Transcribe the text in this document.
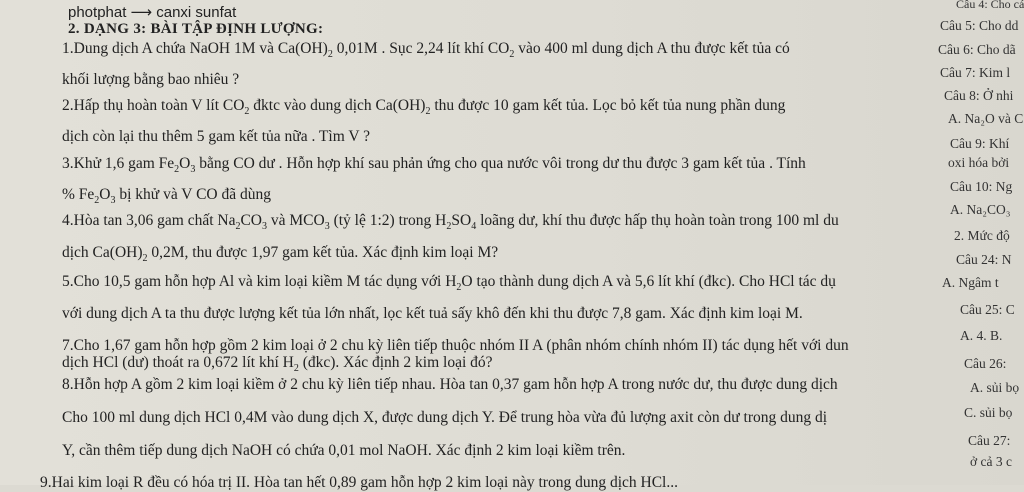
photphat ⟶ canxi sunfat
2. DẠNG 3: BÀI TẬP ĐỊNH LƯỢNG:
1.Dung dịch A chứa NaOH 1M và $Ca(OH)_2$ 0,01M . Sục 2,24 lít khí $CO_2$ vào 400 ml dung dịch A thu được kết tủa có
khối lượng bằng bao nhiêu ?
2.Hấp thụ hoàn toàn V lít $CO_2$ đktc vào dung dịch $Ca(OH)_2$ thu được 10 gam kết tủa. Lọc bỏ kết tủa nung phần dung
dịch còn lại thu thêm 5 gam kết tủa nữa . Tìm V ?
3.Khử 1,6 gam $Fe_2O_3$ bằng CO dư . Hỗn hợp khí sau phản ứng cho qua nước vôi trong dư thu được 3 gam kết tủa . Tính
% $Fe_2O_3$ bị khử và V CO đã dùng
4.Hòa tan 3,06 gam chất $Na_2CO_3$ và $MCO_3$ (tỷ lệ 1:2) trong $H_2SO_4$ loãng dư, khí thu được hấp thụ hoàn toàn trong 100 ml du
dịch $Ca(OH)_2$ 0,2M, thu được 1,97 gam kết tủa. Xác định kim loại M?
5.Cho 10,5 gam hỗn hợp Al và kim loại kiềm M tác dụng với $H_2O$ tạo thành dung dịch A và 5,6 lít khí (đkc). Cho HCl tác dụ
với dung dịch A ta thu được lượng kết tủa lớn nhất, lọc kết tuả sấy khô đến khi thu được 7,8 gam. Xác định kim loại M.
7.Cho 1,67 gam hỗn hợp gồm 2 kim loại ở 2 chu kỳ liên tiếp thuộc nhóm II A (phân nhóm chính nhóm II) tác dụng hết với dun
dịch HCl (dư) thoát ra 0,672 lít khí $H_2$ (đkc). Xác định 2 kim loại đó?
8.Hỗn hợp A gồm 2 kim loại kiềm ở 2 chu kỳ liên tiếp nhau. Hòa tan 0,37 gam hỗn hợp A trong nước dư, thu được dung dịch
Cho 100 ml dung dịch HCl 0,4M vào dung dịch X, được dung dịch Y. Để trung hòa vừa đủ lượng axit còn dư trong dung dị
Y, cần thêm tiếp dung dịch NaOH có chứa 0,01 mol NaOH. Xác định 2 kim loại kiềm trên.
9.Hai kim loại R đều có hóa trị II. Hòa tan hết 0,89 gam hỗn hợp 2 kim loại này trong dung dịch HCl...
Câu 4: Cho cá
Câu 5: Cho dd
Câu 6: Cho dã
Câu 7: Kim l
Câu 8: Ở nhi
A. Na₂O và C
Câu 9: Khí
oxi hóa bởi
Câu 10: Ng
A. Na₂CO₃
2. Mức độ
Câu 24: N
A. Ngâm t
Câu 25: C
A. 4. B.
Câu 26:
A. sủi bọ
C. sủi bọ
Câu 27:
ở cả 3 c
